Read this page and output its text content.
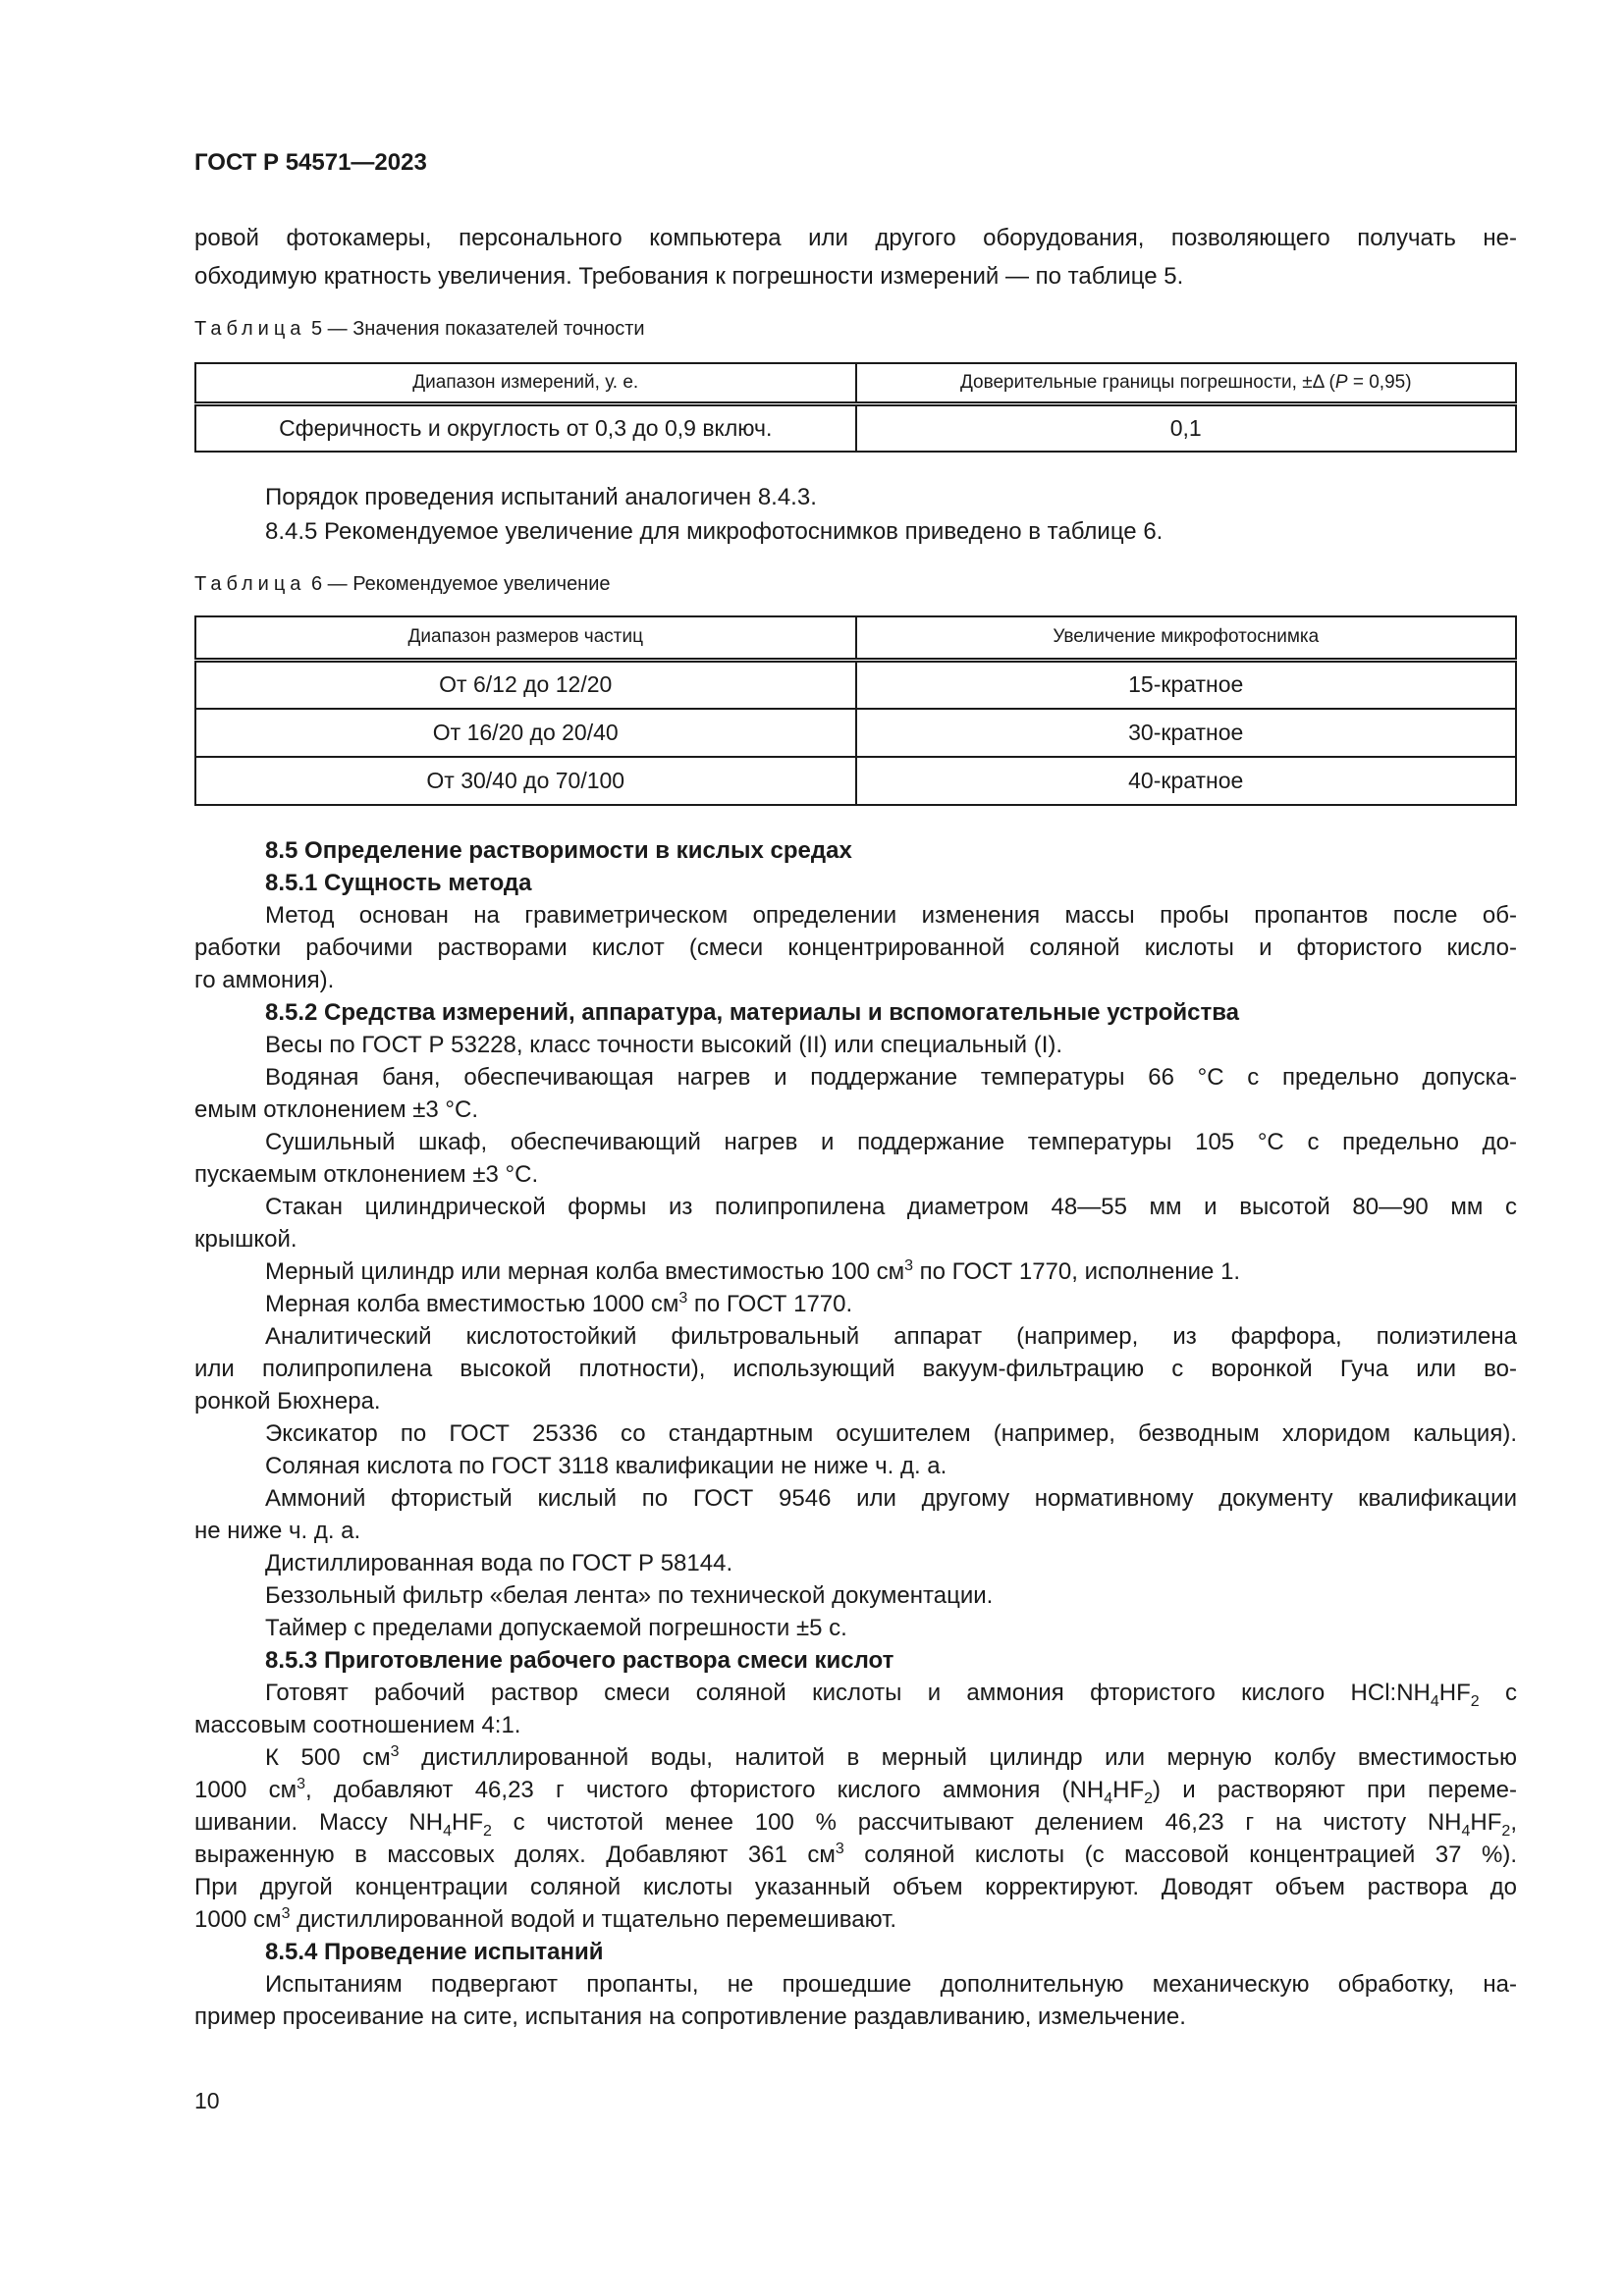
ГОСТ Р 54571—2023
ровой фотокамеры, персонального компьютера или другого оборудования, позволяющего получать не-
обходимую кратность увеличения. Требования к погрешности измерений — по таблице 5.
Таблица 5 — Значения показателей точности
Диапазон измерений, у. е.	Доверительные границы погрешности, ±Δ (P = 0,95)
Сферичность и округлость от 0,3 до 0,9 включ.	0,1
Порядок проведения испытаний аналогичен 8.4.3.
8.4.5 Рекомендуемое увеличение для микрофотоснимков приведено в таблице 6.
Таблица 6 — Рекомендуемое увеличение
Диапазон размеров частиц	Увеличение микрофотоснимка
От 6/12 до 12/20	15-кратное
От 16/20 до 20/40	30-кратное
От 30/40 до 70/100	40-кратное
8.5 Определение растворимости в кислых средах
8.5.1 Сущность метода
Метод основан на гравиметрическом определении изменения массы пробы пропантов после об-
работки рабочими растворами кислот (смеси концентрированной соляной кислоты и фтористого кисло-
го аммония).
8.5.2 Средства измерений, аппаратура, материалы и вспомогательные устройства
Весы по ГОСТ Р 53228, класс точности высокий (II) или специальный (I).
Водяная баня, обеспечивающая нагрев и поддержание температуры 66 °С с предельно допуска-
емым отклонением ±3 °С.
Сушильный шкаф, обеспечивающий нагрев и поддержание температуры 105 °С с предельно до-
пускаемым отклонением ±3 °С.
Стакан цилиндрической формы из полипропилена диаметром 48—55 мм и высотой 80—90 мм с
крышкой.
Мерный цилиндр или мерная колба вместимостью 100 $см^3$ по ГОСТ 1770, исполнение 1.
Мерная колба вместимостью 1000 $см^3$ по ГОСТ 1770.
Аналитический кислотостойкий фильтровальный аппарат (например, из фарфора, полиэтилена
или полипропилена высокой плотности), использующий вакуум-фильтрацию с воронкой Гуча или во-
ронкой Бюхнера.
Эксикатор по ГОСТ 25336 со стандартным осушителем (например, безводным хлоридом кальция).
Соляная кислота по ГОСТ 3118 квалификации не ниже ч. д. а.
Аммоний фтористый кислый по ГОСТ 9546 или другому нормативному документу квалификации
не ниже ч. д. а.
Дистиллированная вода по ГОСТ Р 58144.
Беззольный фильтр «белая лента» по технической документации.
Таймер с пределами допускаемой погрешности ±5 с.
8.5.3 Приготовление рабочего раствора смеси кислот
Готовят рабочий раствор смеси соляной кислоты и аммония фтористого кислого $HCl:NH_4HF_2$ с
массовым соотношением 4:1.
К 500 $см^3$ дистиллированной воды, налитой в мерный цилиндр или мерную колбу вместимостью
1000 $см^3$, добавляют 46,23 г чистого фтористого кислого аммония $(NH_4HF_2)$ и растворяют при переме-
шивании. Массу $NH_4HF_2$ с чистотой менее 100 % рассчитывают делением 46,23 г на чистоту $NH_4HF_2$,
выраженную в массовых долях. Добавляют 361 $см^3$ соляной кислоты (с массовой концентрацией 37 %).
При другой концентрации соляной кислоты указанный объем корректируют. Доводят объем раствора до
1000 $см^3$ дистиллированной водой и тщательно перемешивают.
8.5.4 Проведение испытаний
Испытаниям подвергают пропанты, не прошедшие дополнительную механическую обработку, на-
пример просеивание на сите, испытания на сопротивление раздавливанию, измельчение.
10
